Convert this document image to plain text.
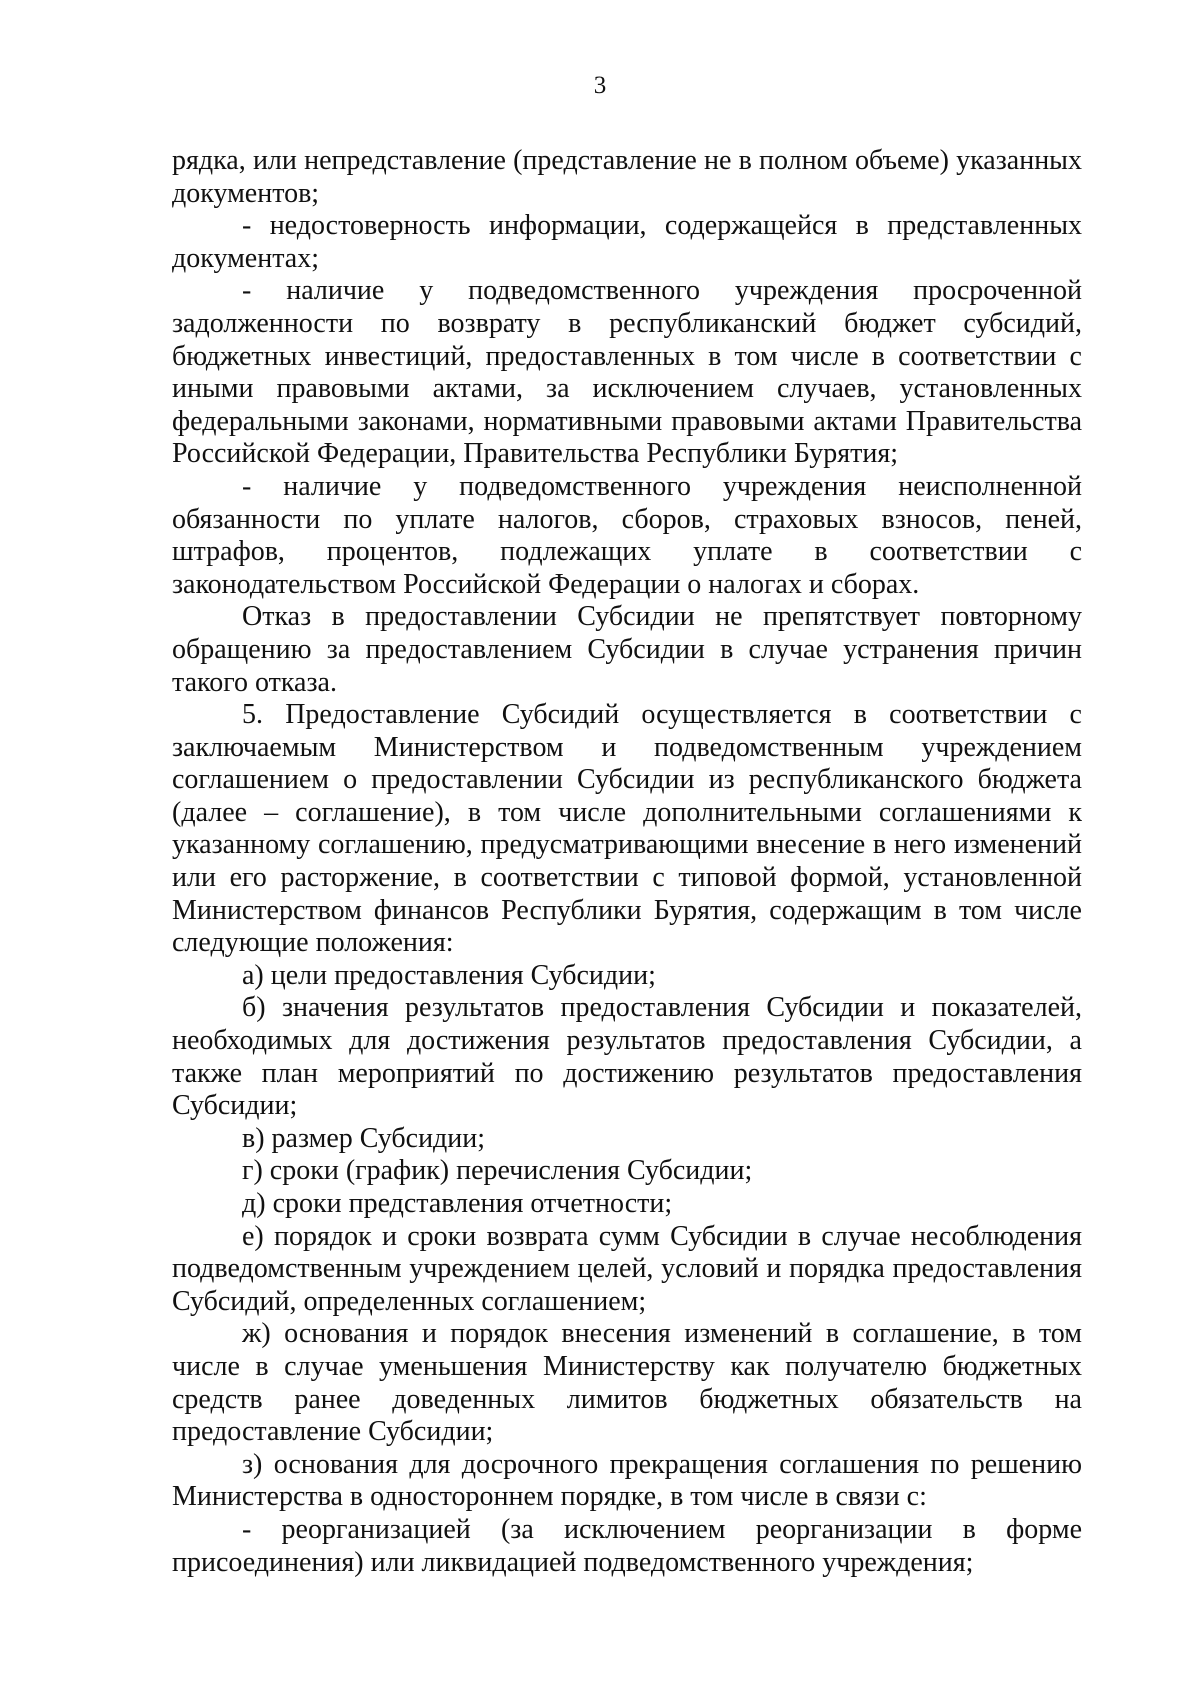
3

рядка, или непредставление (представление не в полном объеме) указанных документов;

- недостоверность информации, содержащейся в представленных документах;

- наличие у подведомственного учреждения просроченной задолженности по возврату в республиканский бюджет субсидий, бюджетных инвестиций, предоставленных в том числе в соответствии с иными правовыми актами, за исключением случаев, установленных федеральными законами, нормативными правовыми актами Правительства Российской Федерации, Правительства Республики Бурятия;

- наличие у подведомственного учреждения неисполненной обязанности по уплате налогов, сборов, страховых взносов, пеней, штрафов, процентов, подлежащих уплате в соответствии с законодательством Российской Федерации о налогах и сборах.

Отказ в предоставлении Субсидии не препятствует повторному обращению за предоставлением Субсидии в случае устранения причин такого отказа.

5. Предоставление Субсидий осуществляется в соответствии с заключаемым Министерством и подведомственным учреждением соглашением о предоставлении Субсидии из республиканского бюджета (далее – соглашение), в том числе дополнительными соглашениями к указанному соглашению, предусматривающими внесение в него изменений или его расторжение, в соответствии с типовой формой, установленной Министерством финансов Республики Бурятия, содержащим в том числе следующие положения:

а) цели предоставления Субсидии;

б) значения результатов предоставления Субсидии и показателей, необходимых для достижения результатов предоставления Субсидии, а также план мероприятий по достижению результатов предоставления Субсидии;

в) размер Субсидии;

г) сроки (график) перечисления Субсидии;

д) сроки представления отчетности;

е) порядок и сроки возврата сумм Субсидии в случае несоблюдения подведомственным учреждением целей, условий и порядка предоставления Субсидий, определенных соглашением;

ж) основания и порядок внесения изменений в соглашение, в том числе в случае уменьшения Министерству как получателю бюджетных средств ранее доведенных лимитов бюджетных обязательств на предоставление Субсидии;

з) основания для досрочного прекращения соглашения по решению Министерства в одностороннем порядке, в том числе в связи с:

- реорганизацией (за исключением реорганизации в форме присоединения) или ликвидацией подведомственного учреждения;
